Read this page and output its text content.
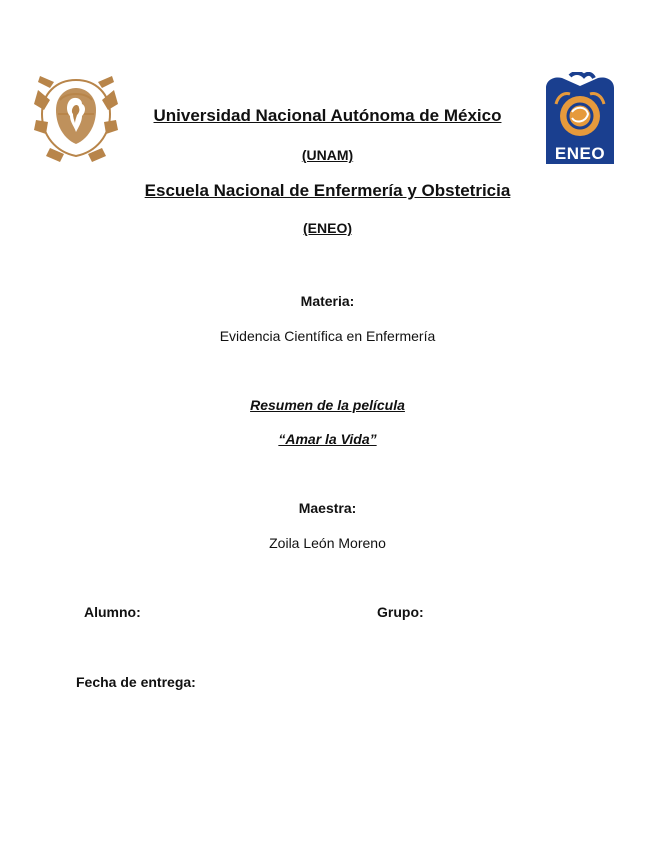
ENEO
Universidad Nacional Autónoma de México
(UNAM)
Escuela Nacional de Enfermería y Obstetricia
(ENEO)
Materia:
Evidencia Científica en Enfermería
Resumen de la película
“Amar la Vida”
Maestra:
Zoila León Moreno
Alumno:	Grupo:
Fecha de entrega:
